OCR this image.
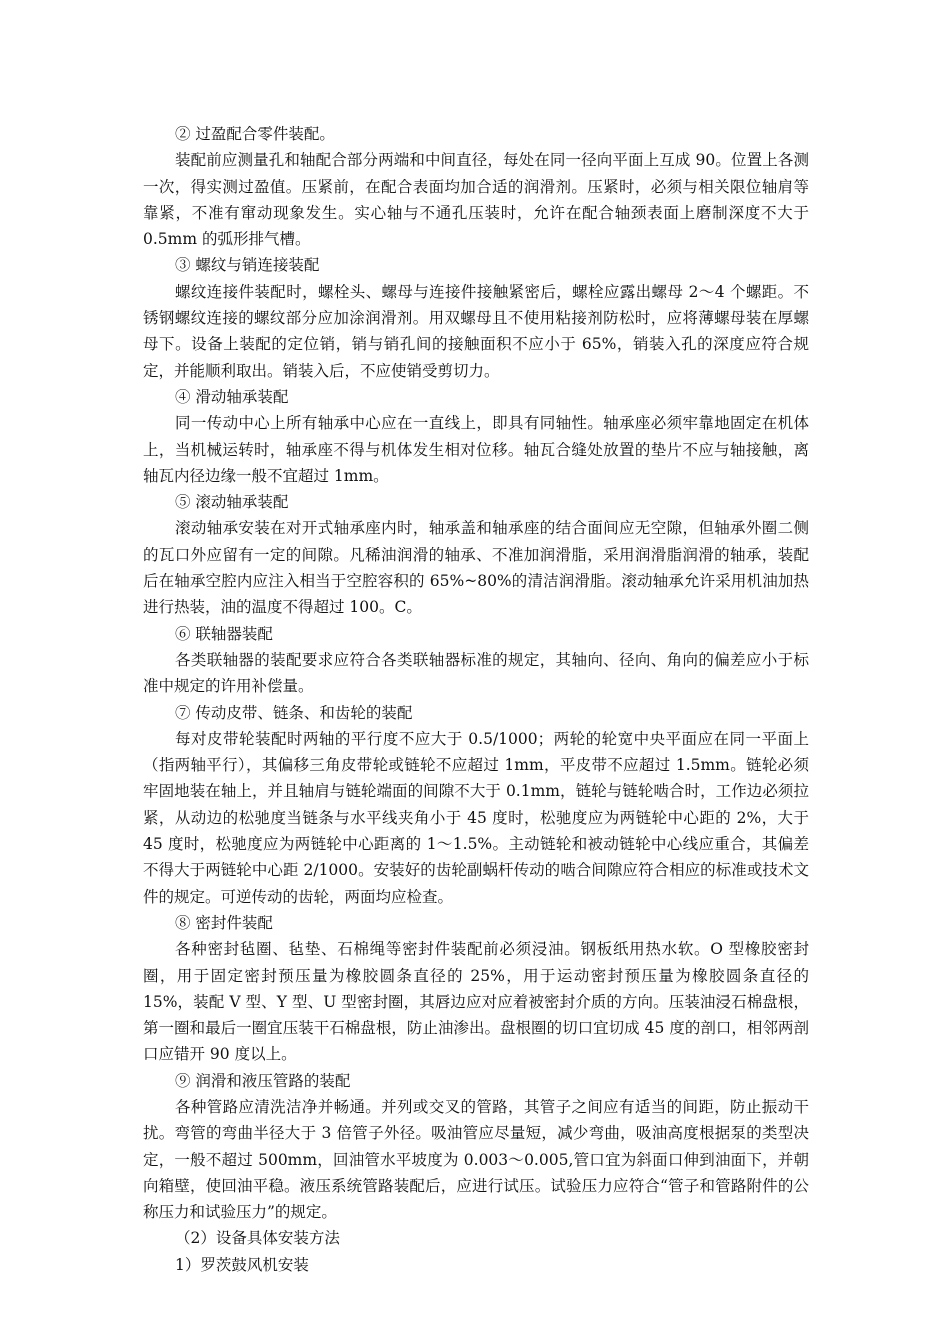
② 过盈配合零件装配。

装配前应测量孔和轴配合部分两端和中间直径，每处在同一径向平面上互成 90。位置上各测一次，得实测过盈值。压紧前，在配合表面均加合适的润滑剂。压紧时，必须与相关限位轴肩等靠紧，不准有窜动现象发生。实心轴与不通孔压装时，允许在配合轴颈表面上磨制深度不大于 0.5mm 的弧形排气槽。

③ 螺纹与销连接装配

螺纹连接件装配时，螺栓头、螺母与连接件接触紧密后，螺栓应露出螺母 2～4 个螺距。不锈钢螺纹连接的螺纹部分应加涂润滑剂。用双螺母且不使用粘接剂防松时，应将薄螺母装在厚螺母下。设备上装配的定位销，销与销孔间的接触面积不应小于 65%，销装入孔的深度应符合规定，并能顺利取出。销装入后，不应使销受剪切力。

④ 滑动轴承装配

同一传动中心上所有轴承中心应在一直线上，即具有同轴性。轴承座必须牢靠地固定在机体上，当机械运转时，轴承座不得与机体发生相对位移。轴瓦合缝处放置的垫片不应与轴接触，离轴瓦内径边缘一般不宜超过 1mm。

⑤ 滚动轴承装配

滚动轴承安装在对开式轴承座内时，轴承盖和轴承座的结合面间应无空隙，但轴承外圈二侧的瓦口外应留有一定的间隙。凡稀油润滑的轴承、不准加润滑脂，采用润滑脂润滑的轴承，装配后在轴承空腔内应注入相当于空腔容积的 65%~80%的清洁润滑脂。滚动轴承允许采用机油加热进行热装，油的温度不得超过 100。C。

⑥ 联轴器装配

各类联轴器的装配要求应符合各类联轴器标准的规定，其轴向、径向、角向的偏差应小于标准中规定的许用补偿量。

⑦ 传动皮带、链条、和齿轮的装配

每对皮带轮装配时两轴的平行度不应大于 0.5/1000；两轮的轮宽中央平面应在同一平面上（指两轴平行），其偏移三角皮带轮或链轮不应超过 1mm，平皮带不应超过 1.5mm。链轮必须牢固地装在轴上，并且轴肩与链轮端面的间隙不大于 0.1mm，链轮与链轮啮合时，工作边必须拉紧，从动边的松驰度当链条与水平线夹角小于 45 度时，松驰度应为两链轮中心距的 2%，大于 45 度时，松驰度应为两链轮中心距离的 1～1.5%。主动链轮和被动链轮中心线应重合，其偏差不得大于两链轮中心距 2/1000。安装好的齿轮副蜗杆传动的啮合间隙应符合相应的标准或技术文件的规定。可逆传动的齿轮，两面均应检查。

⑧ 密封件装配

各种密封毡圈、毡垫、石棉绳等密封件装配前必须浸油。钢板纸用热水软。O 型橡胶密封圈，用于固定密封预压量为橡胶圆条直径的 25%，用于运动密封预压量为橡胶圆条直径的 15%，装配 V 型、Y 型、U 型密封圈，其唇边应对应着被密封介质的方向。压装油浸石棉盘根，第一圈和最后一圈宜压装干石棉盘根，防止油渗出。盘根圈的切口宜切成 45 度的剖口，相邻两剖口应错开 90 度以上。

⑨ 润滑和液压管路的装配

各种管路应清洗洁净并畅通。并列或交叉的管路，其管子之间应有适当的间距，防止振动干扰。弯管的弯曲半径大于 3 倍管子外径。吸油管应尽量短，减少弯曲，吸油高度根据泵的类型决定，一般不超过 500mm，回油管水平坡度为 0.003～0.005,管口宜为斜面口伸到油面下，并朝向箱壁，使回油平稳。液压系统管路装配后，应进行试压。试验压力应符合“管子和管路附件的公称压力和试验压力”的规定。

（2）设备具体安装方法

1）罗茨鼓风机安装
